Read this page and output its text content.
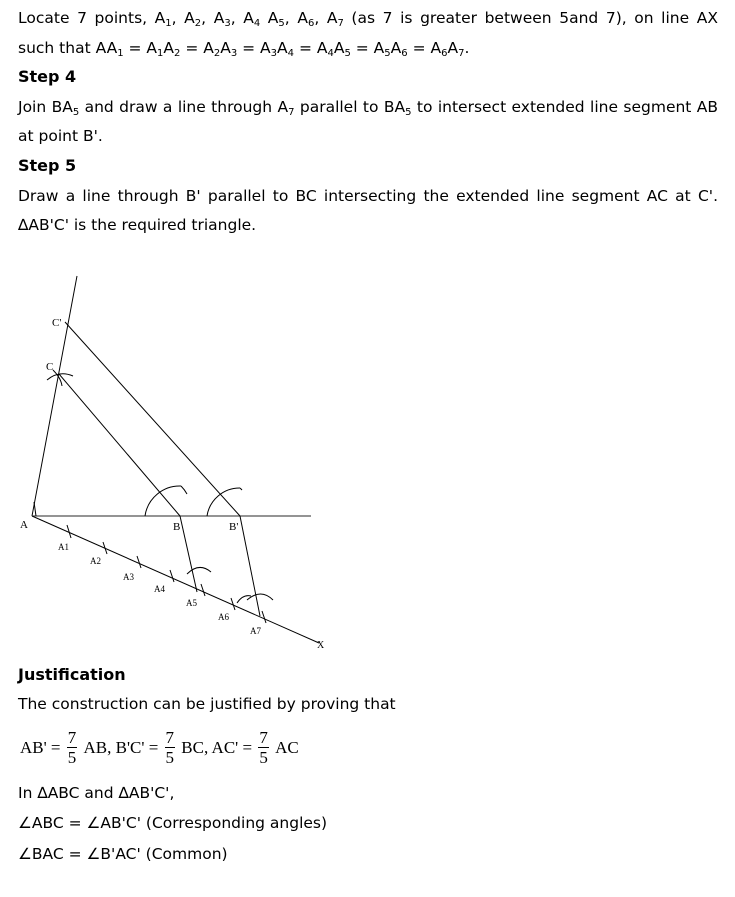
Locate 7 points, $A_1$, $A_2$, $A_3$, $A_4$ $A_5$, $A_6$, $A_7$ (as 7 is greater between 5and 7), on line AX

such that $AA_1 = A_1A_2 = A_2A_3 = A_3A_4 = A_4A_5 = A_5A_6 = A_6A_7$.

Step 4

Join $BA_5$ and draw a line through $A_7$ parallel to $BA_5$ to intersect extended line segment AB at point B'.

Step 5

Draw a line through B' parallel to BC intersecting the extended line segment AC at C'. ∆AB'C' is the required triangle.

A	B	B'
C
C'
X
A1
A2
A3
A4
A5
A6
A7
Justification

The construction can be justified by proving that

$AB' = \frac{7}{5}$ AB, $B'C' = \frac{7}{5}$ BC, $AC' = \frac{7}{5}$ AC

In ∆ABC and ∆AB'C',

∠ABC = ∠AB'C' (Corresponding angles)

∠BAC = ∠B'AC' (Common)
